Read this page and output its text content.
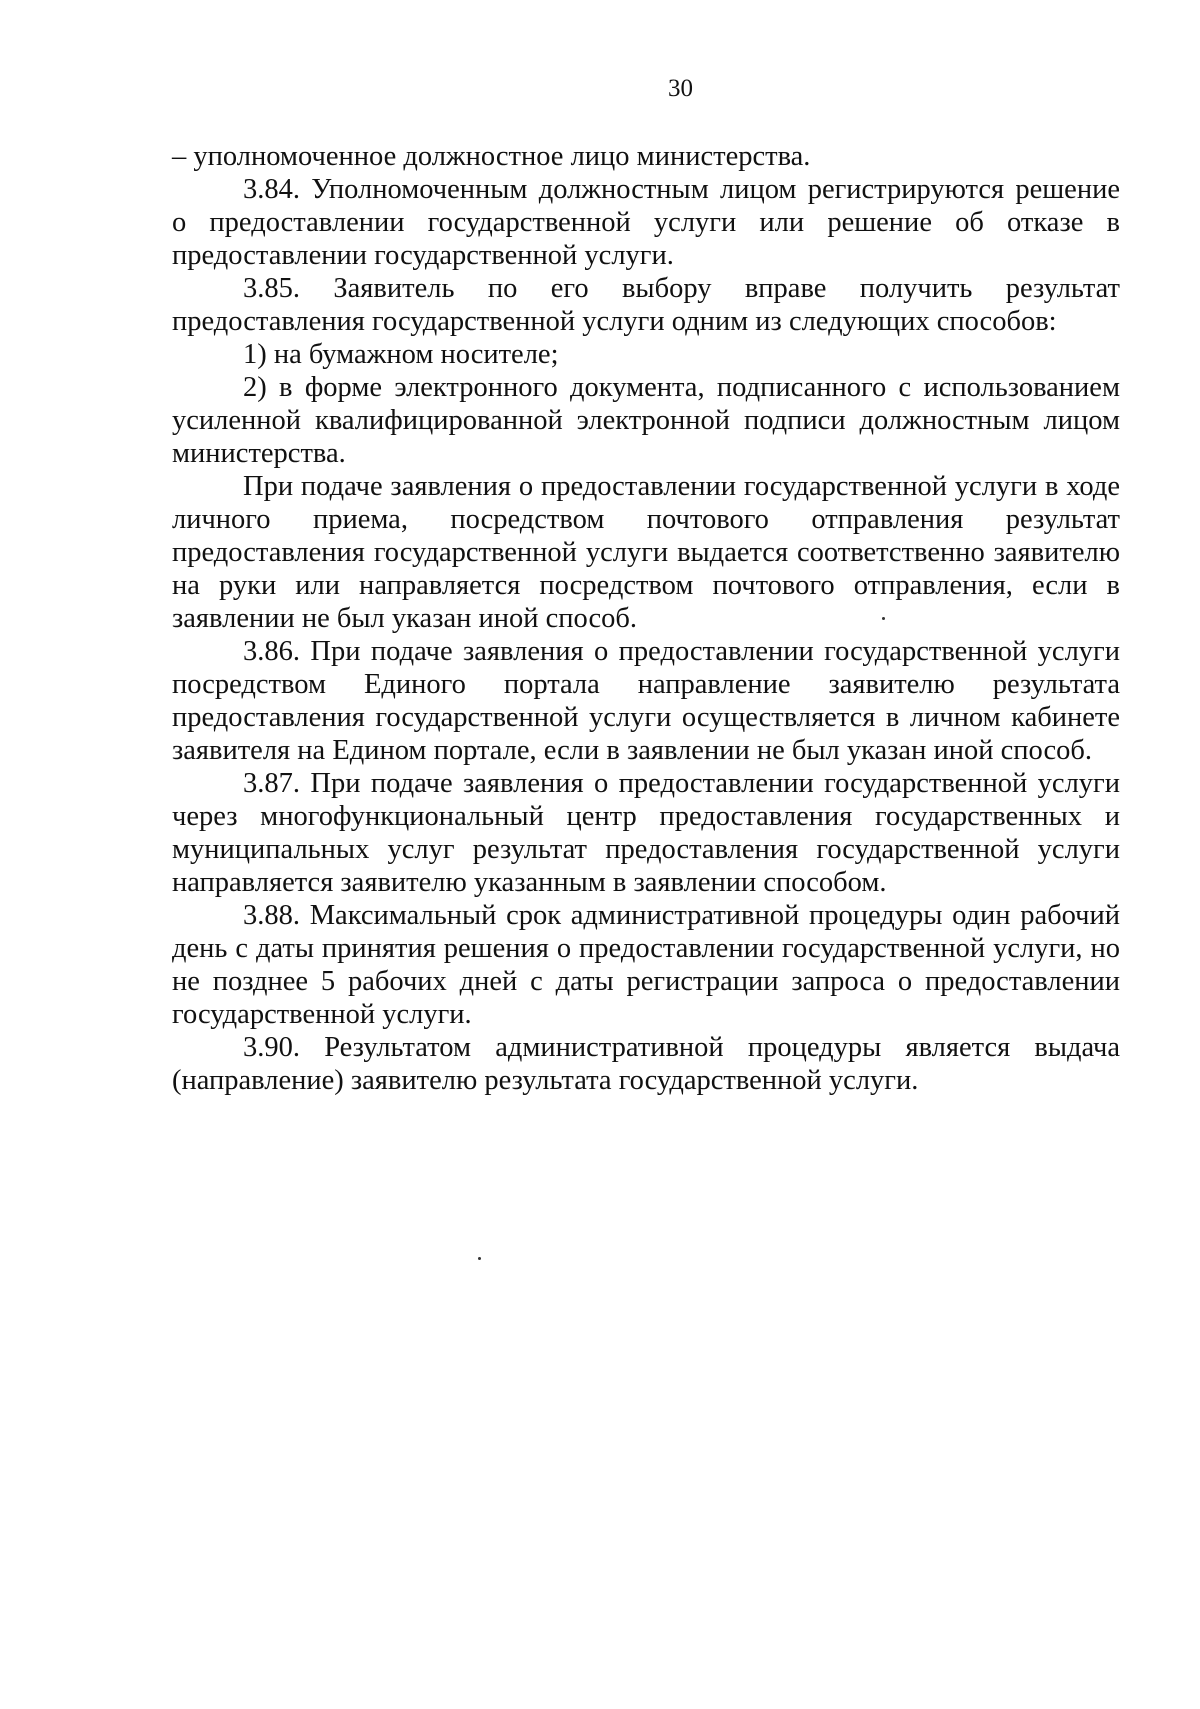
30

– уполномоченное должностное лицо министерства.

3.84. Уполномоченным должностным лицом регистрируются решение о предоставлении государственной услуги или решение об отказе в предоставлении государственной услуги.

3.85. Заявитель по его выбору вправе получить результат предоставления государственной услуги одним из следующих способов:

1) на бумажном носителе;

2) в форме электронного документа, подписанного с использованием усиленной квалифицированной электронной подписи должностным лицом министерства.

При подаче заявления о предоставлении государственной услуги в ходе личного приема, посредством почтового отправления результат предоставления государственной услуги выдается соответственно заявителю на руки или направляется посредством почтового отправления, если в заявлении не был указан иной способ.

3.86. При подаче заявления о предоставлении государственной услуги посредством Единого портала направление заявителю результата предоставления государственной услуги осуществляется в личном кабинете заявителя на Едином портале, если в заявлении не был указан иной способ.

3.87. При подаче заявления о предоставлении государственной услуги через многофункциональный центр предоставления государственных и муниципальных услуг результат предоставления государственной услуги направляется заявителю указанным в заявлении способом.

3.88. Максимальный срок административной процедуры один рабочий день с даты принятия решения о предоставлении государственной услуги, но не позднее 5 рабочих дней с даты регистрации запроса о предоставлении государственной услуги.

3.90. Результатом административной процедуры является выдача (направление) заявителю результата государственной услуги.
